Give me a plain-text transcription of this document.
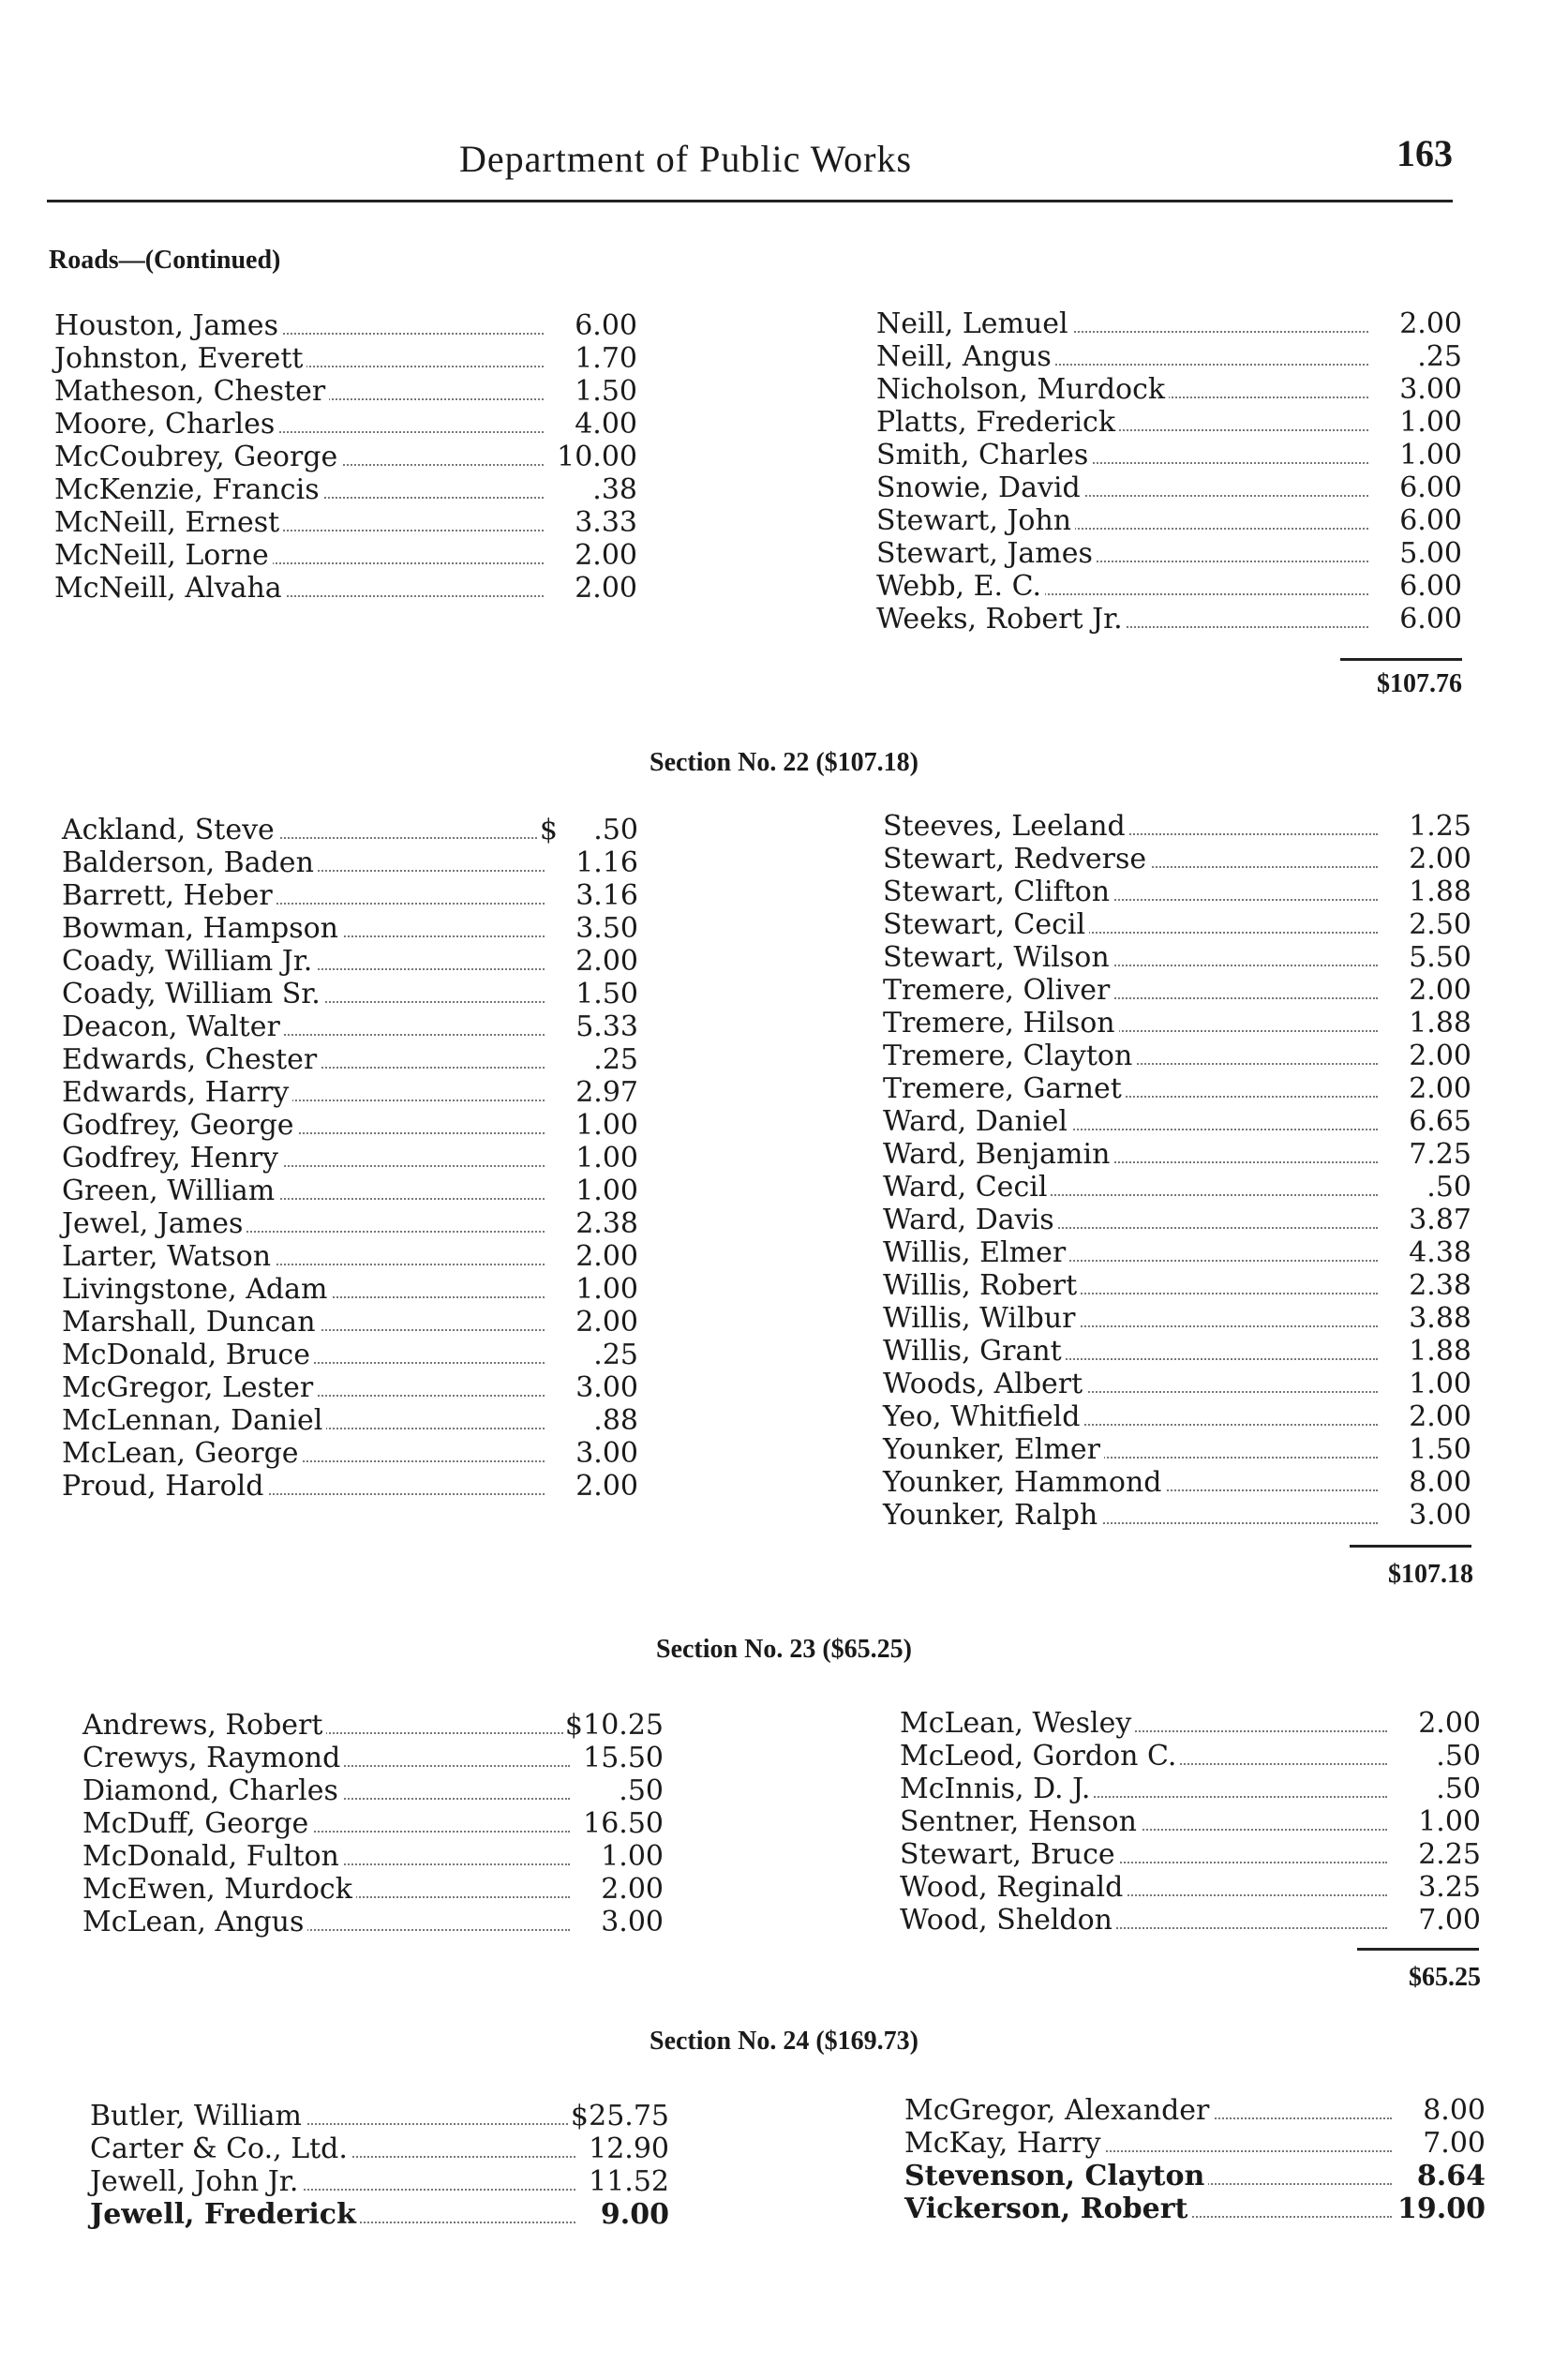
Department of Public Works	163
Roads—(Continued)
Houston, James	6.00
Johnston, Everett	1.70
Matheson, Chester	1.50
Moore, Charles	4.00
McCoubrey, George	10.00
McKenzie, Francis	.38
McNeill, Ernest	3.33
McNeill, Lorne	2.00
McNeill, Alvaha	2.00
Neill, Lemuel	2.00
Neill, Angus	.25
Nicholson, Murdock	3.00
Platts, Frederick	1.00
Smith, Charles	1.00
Snowie, David	6.00
Stewart, John	6.00
Stewart, James	5.00
Webb, E. C.	6.00
Weeks, Robert Jr.	6.00
$107.76
Section No. 22 ($107.18)
Ackland, Steve	$	.50
Balderson, Baden	1.16
Barrett, Heber	3.16
Bowman, Hampson	3.50
Coady, William Jr.	2.00
Coady, William Sr.	1.50
Deacon, Walter	5.33
Edwards, Chester	.25
Edwards, Harry	2.97
Godfrey, George	1.00
Godfrey, Henry	1.00
Green, William	1.00
Jewel, James	2.38
Larter, Watson	2.00
Livingstone, Adam	1.00
Marshall, Duncan	2.00
McDonald, Bruce	.25
McGregor, Lester	3.00
McLennan, Daniel	.88
McLean, George	3.00
Proud, Harold	2.00
Steeves, Leeland	1.25
Stewart, Redverse	2.00
Stewart, Clifton	1.88
Stewart, Cecil	2.50
Stewart, Wilson	5.50
Tremere, Oliver	2.00
Tremere, Hilson	1.88
Tremere, Clayton	2.00
Tremere, Garnet	2.00
Ward, Daniel	6.65
Ward, Benjamin	7.25
Ward, Cecil	.50
Ward, Davis	3.87
Willis, Elmer	4.38
Willis, Robert	2.38
Willis, Wilbur	3.88
Willis, Grant	1.88
Woods, Albert	1.00
Yeo, Whitfield	2.00
Younker, Elmer	1.50
Younker, Hammond	8.00
Younker, Ralph	3.00
$107.18
Section No. 23 ($65.25)
Andrews, Robert	$ 10.25
Crewys, Raymond	15.50
Diamond, Charles	.50
McDuff, George	16.50
McDonald, Fulton	1.00
McEwen, Murdock	2.00
McLean, Angus	3.00
McLean, Wesley	2.00
McLeod, Gordon C.	.50
McInnis, D. J.	.50
Sentner, Henson	1.00
Stewart, Bruce	2.25
Wood, Reginald	3.25
Wood, Sheldon	7.00
$65.25
Section No. 24 ($169.73)
Butler, William	$ 25.75
Carter & Co., Ltd.	12.90
Jewell, John Jr.	11.52
Jewell, Frederick	9.00
McGregor, Alexander	8.00
McKay, Harry	7.00
Stevenson, Clayton	8.64
Vickerson, Robert	19.00
